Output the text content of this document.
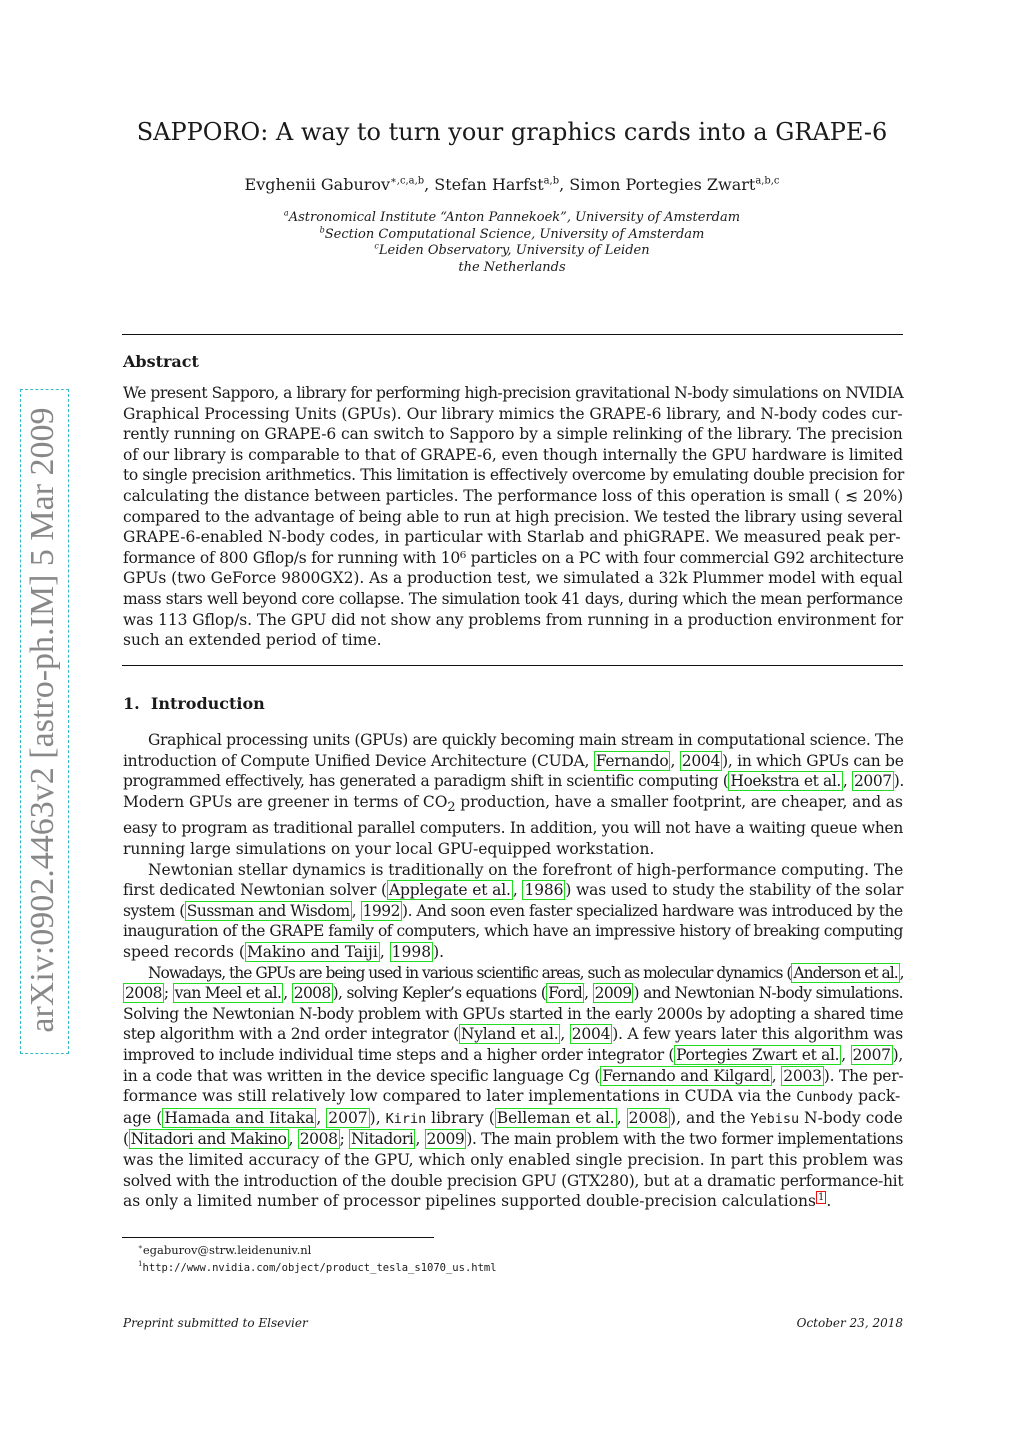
arXiv:0902.4463v2 [astro-ph.IM] 5 Mar 2009
SAPPORO: A way to turn your graphics cards into a GRAPE-6
Evghenii Gaburov$^{∗,c,a,b}$, Stefan Harfst$^{a,b}$, Simon Portegies Zwart$^{a,b,c}$
$^a$Astronomical Institute “Anton Pannekoek”, University of Amsterdam
$^b$Section Computational Science, University of Amsterdam
$^c$Leiden Observatory, University of Leiden
the Netherlands
Abstract
We present Sapporo, a library for performing high-precision gravitational N-body simulations on NVIDIA
Graphical Processing Units (GPUs). Our library mimics the GRAPE-6 library, and N-body codes cur-
rently running on GRAPE-6 can switch to Sapporo by a simple relinking of the library. The precision
of our library is comparable to that of GRAPE-6, even though internally the GPU hardware is limited
to single precision arithmetics. This limitation is effectively overcome by emulating double precision for
calculating the distance between particles. The performance loss of this operation is small ( ≲ 20%)
compared to the advantage of being able to run at high precision. We tested the library using several
GRAPE-6-enabled N-body codes, in particular with Starlab and phiGRAPE. We measured peak per-
formance of 800 Gflop/s for running with 10⁶ particles on a PC with four commercial G92 architecture
GPUs (two GeForce 9800GX2). As a production test, we simulated a 32k Plummer model with equal
mass stars well beyond core collapse. The simulation took 41 days, during which the mean performance
was 113 Gflop/s. The GPU did not show any problems from running in a production environment for
such an extended period of time.
1. Introduction
Graphical processing units (GPUs) are quickly becoming main stream in computational science. The
introduction of Compute Unified Device Architecture (CUDA, Fernando , 2004 ), in which GPUs can be
programmed effectively, has generated a paradigm shift in scientific computing ( Hoekstra et al. , 2007 ).
Modern GPUs are greener in terms of $CO_2$ production, have a smaller footprint, are cheaper, and as
easy to program as traditional parallel computers. In addition, you will not have a waiting queue when
running large simulations on your local GPU-equipped workstation.
Newtonian stellar dynamics is traditionally on the forefront of high-performance computing. The
first dedicated Newtonian solver ( Applegate et al. , 1986 ) was used to study the stability of the solar
system ( Sussman and Wisdom , 1992 ). And soon even faster specialized hardware was introduced by the
inauguration of the GRAPE family of computers, which have an impressive history of breaking computing
speed records ( Makino and Taiji , 1998 ).
Nowadays, the GPUs are being used in various scientific areas, such as molecular dynamics ( Anderson et al. ,
2008 ; van Meel et al. , 2008 ), solving Kepler’s equations ( Ford , 2009 ) and Newtonian N-body simulations.
Solving the Newtonian N-body problem with GPUs started in the early 2000s by adopting a shared time
step algorithm with a 2nd order integrator ( Nyland et al. , 2004 ). A few years later this algorithm was
improved to include individual time steps and a higher order integrator ( Portegies Zwart et al. , 2007 ),
in a code that was written in the device specific language Cg ( Fernando and Kilgard , 2003 ). The per-
formance was still relatively low compared to later implementations in CUDA via the Cunbody pack-
age ( Hamada and Iitaka , 2007 ), Kirin library ( Belleman et al. , 2008 ), and the Yebisu N-body code
( Nitadori and Makino , 2008 ; Nitadori , 2009 ). The main problem with the two former implementations
was the limited accuracy of the GPU, which only enabled single precision. In part this problem was
solved with the introduction of the double precision GPU (GTX280), but at a dramatic performance-hit
as only a limited number of processor pipelines supported double-precision calculations $^1$ .
∗egaburov@strw.leidenuniv.nl
$^1$http://www.nvidia.com/object/product_tesla_s1070_us.html
Preprint submitted to Elsevier	October 23, 2018
